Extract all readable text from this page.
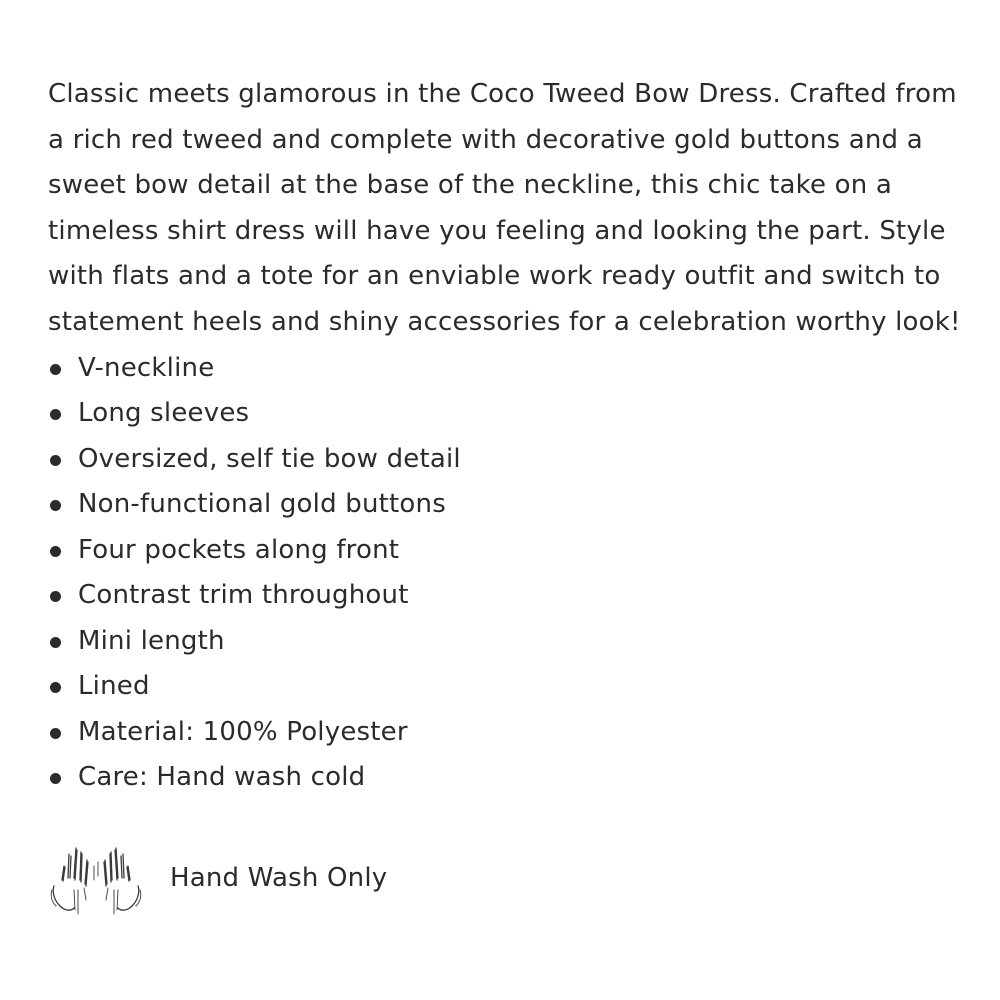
Classic meets glamorous in the Coco Tweed Bow Dress. Crafted from a rich red tweed and complete with decorative gold buttons and a sweet bow detail at the base of the neckline, this chic take on a timeless shirt dress will have you feeling and looking the part. Style with flats and a tote for an enviable work ready outfit and switch to statement heels and shiny accessories for a celebration worthy look!

V-neckline
Long sleeves
Oversized, self tie bow detail
Non-functional gold buttons
Four pockets along front
Contrast trim throughout
Mini length
Lined
Material: 100% Polyester
Care: Hand wash cold
Hand Wash Only
